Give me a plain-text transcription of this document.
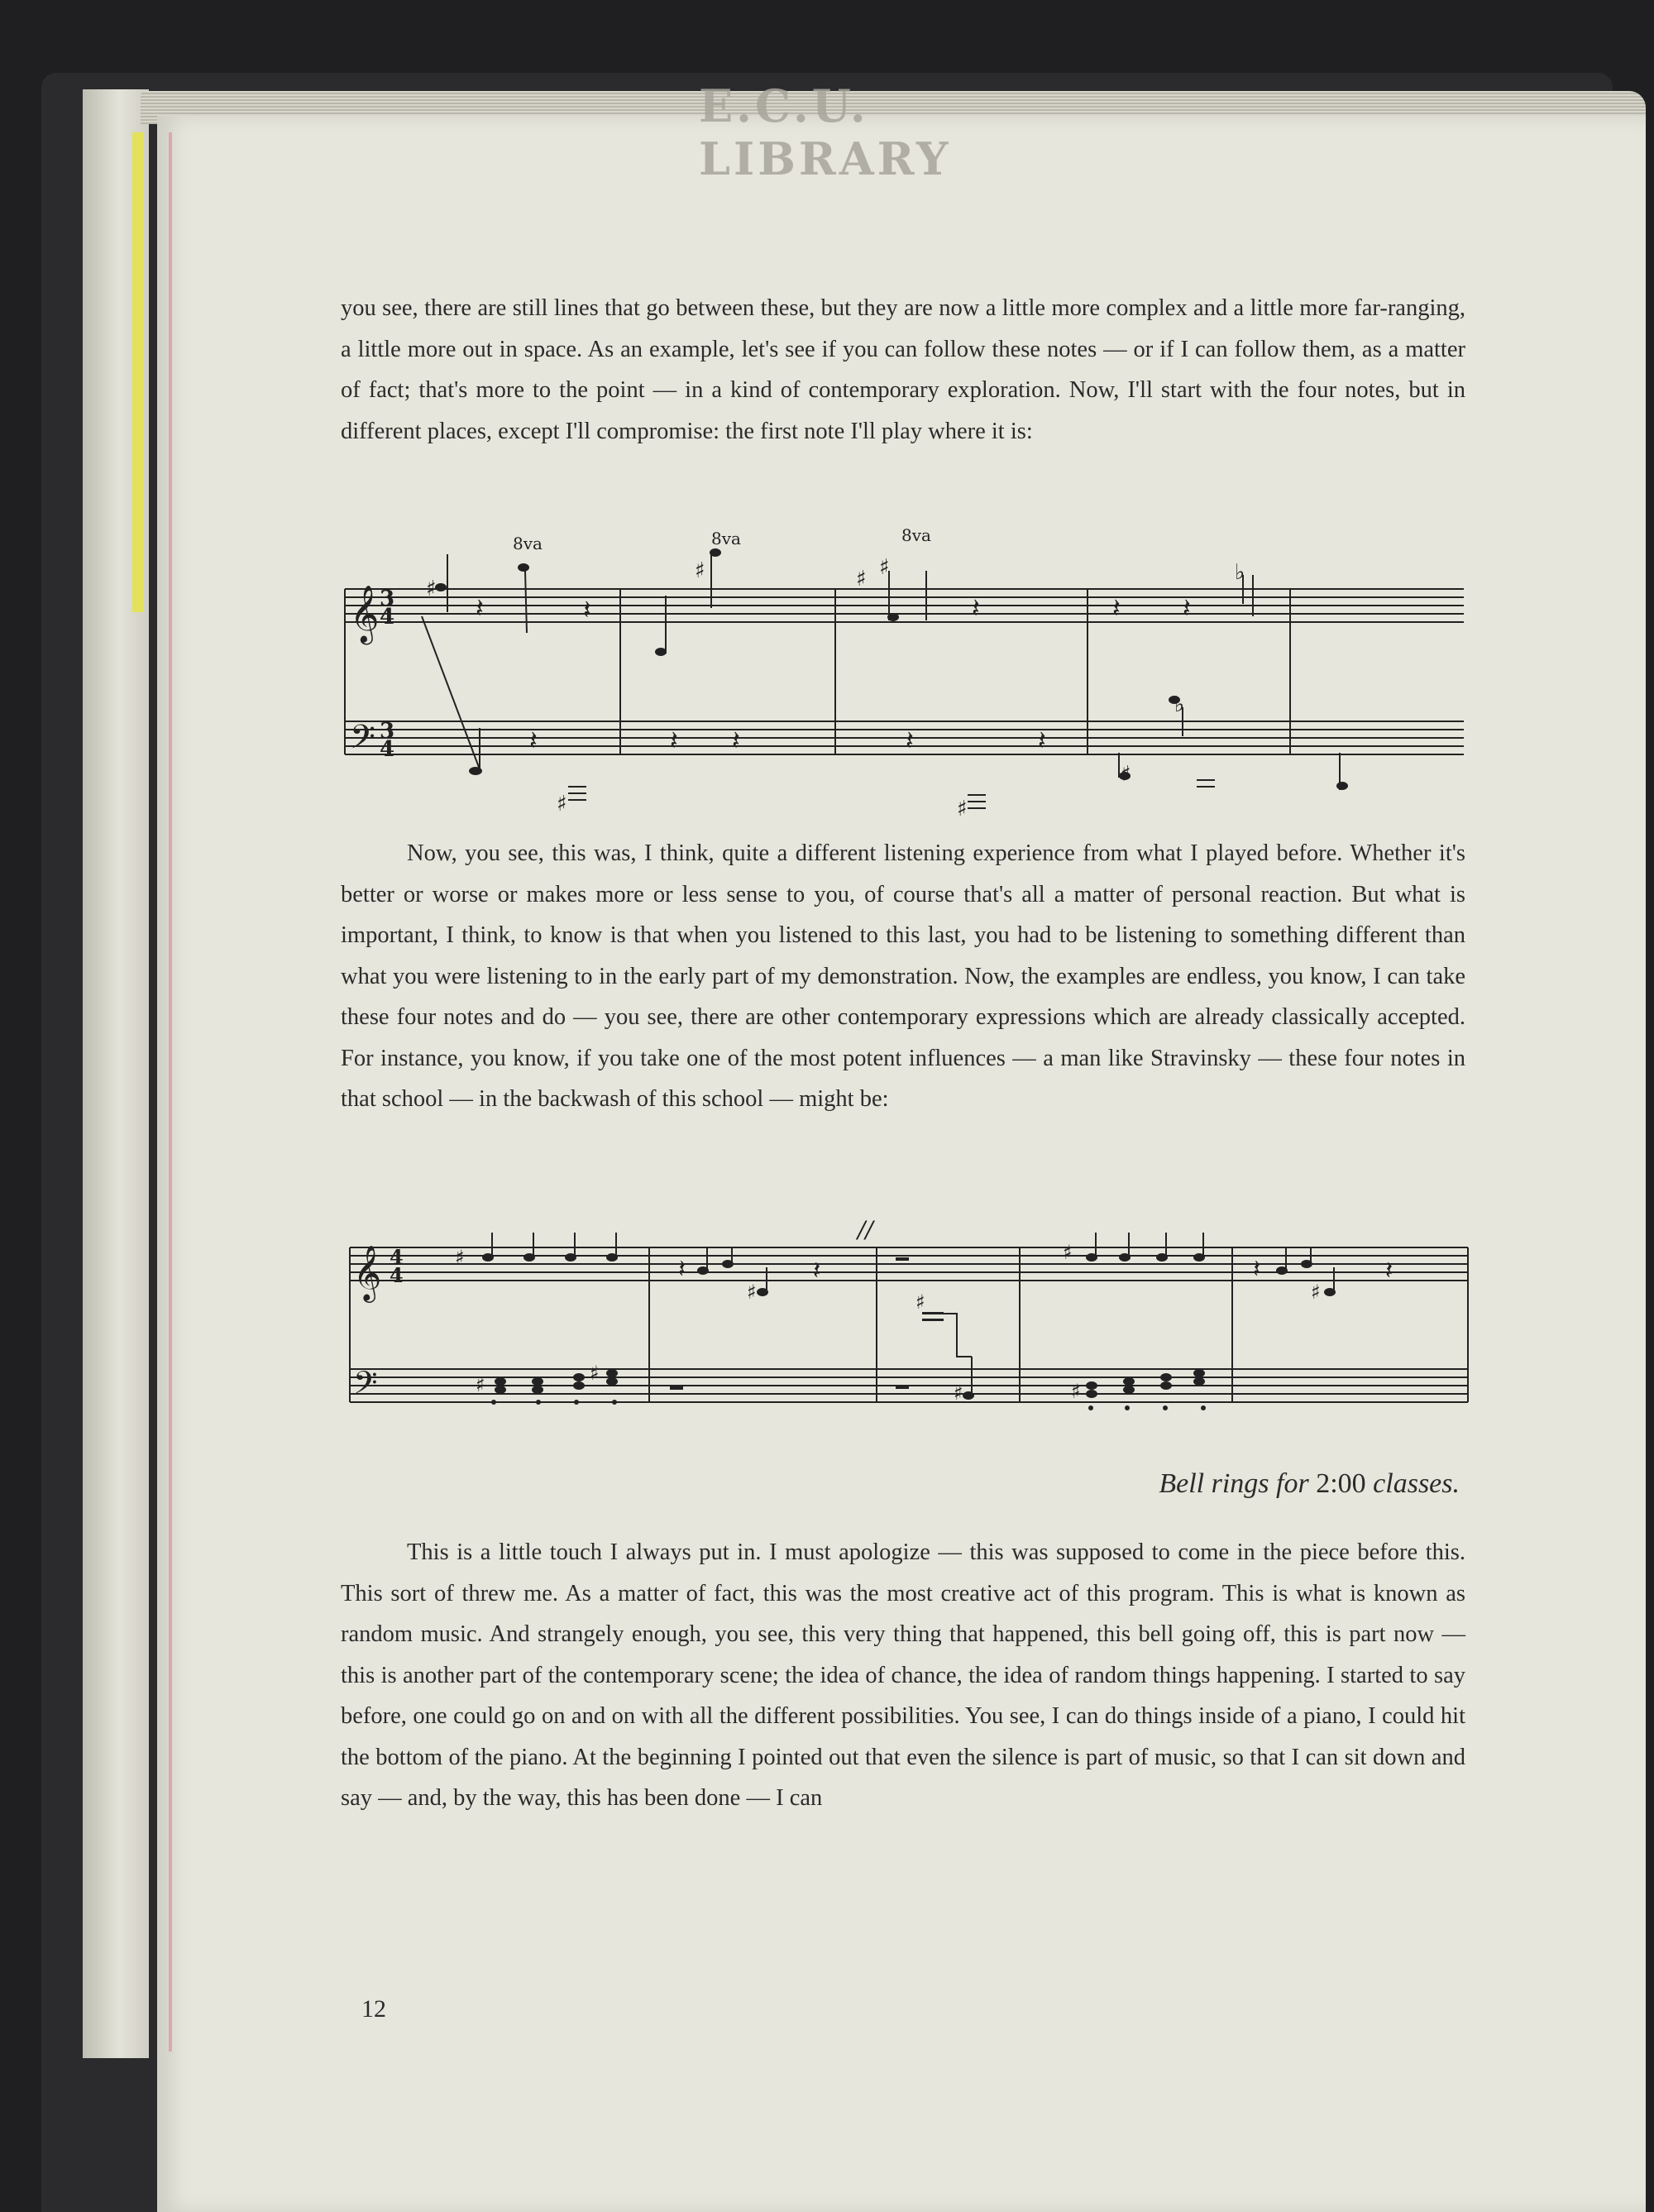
you see, there are still lines that go between these, but they are now a little more complex and a little more far-ranging, a little more out in space. As an example, let's see if you can follow these notes — or if I can follow them, as a matter of fact; that's more to the point — in a kind of contemporary exploration. Now, I'll start with the four notes, but in different places, except I'll compromise: the first note I'll play where it is:

𝄞
𝄢
3
4
3
4
8va	8va	8va
♯
♯	♯ ♯
♯	♯
♯
♭
♭
𝄽	𝄽
𝄽	𝄽 𝄽
𝄽
𝄽	𝄽
𝄽 𝄽

Now, you see, this was, I think, quite a different listening experience from what I played before. Whether it's better or worse or makes more or less sense to you, of course that's all a matter of personal reaction. But what is important, I think, to know is that when you listened to this last, you had to be listening to something different than what you were listening to in the early part of my demonstration. Now, the examples are endless, you know, I can take these four notes and do — you see, there are other contemporary expressions which are already classically accepted. For instance, you know, if you take one of the most potent influences — a man like Stravinsky — these four notes in that school — in the backwash of this school — might be:

//
𝄞
𝄢
4
4
♯
♯	♯
♯
♯
♯
♯
♯
♯
𝄽	𝄽
𝄽	𝄽
Bell rings for 2:00 classes.

This is a little touch I always put in. I must apologize — this was supposed to come in the piece before this. This sort of threw me. As a matter of fact, this was the most creative act of this program. This is what is known as random music. And strangely enough, you see, this very thing that happened, this bell going off, this is part now — this is another part of the contemporary scene; the idea of chance, the idea of random things happening. I started to say before, one could go on and on with all the different possibilities. You see, I can do things inside of a piano, I could hit the bottom of the piano. At the beginning I pointed out that even the silence is part of music, so that I can sit down and say — and, by the way, this has been done — I can

12
